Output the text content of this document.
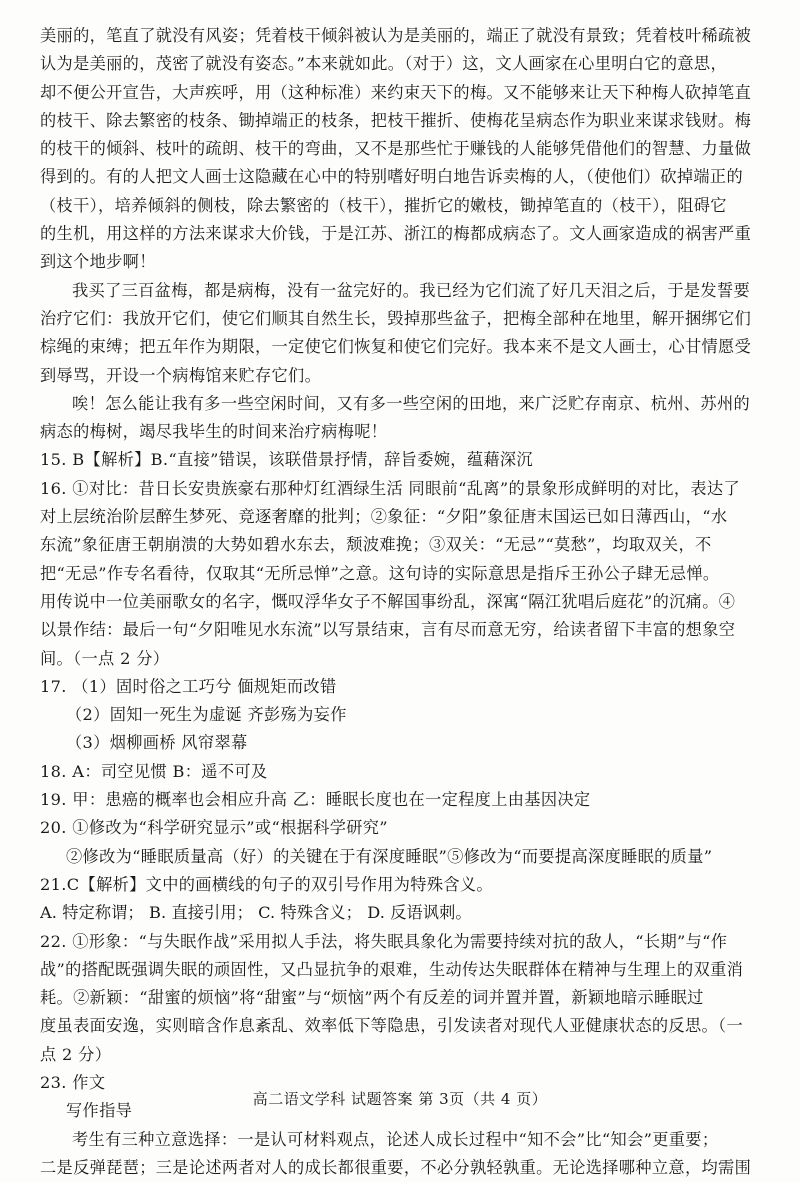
美丽的，笔直了就没有风姿；凭着枝干倾斜被认为是美丽的，端正了就没有景致；凭着枝叶稀疏被

认为是美丽的，茂密了就没有姿态。”本来就如此。（对于）这，文人画家在心里明白它的意思，

却不便公开宣告，大声疾呼，用（这种标准）来约束天下的梅。又不能够来让天下种梅人砍掉笔直

的枝干、除去繁密的枝条、锄掉端正的枝条，把枝干摧折、使梅花呈病态作为职业来谋求钱财。梅

的枝干的倾斜、枝叶的疏朗、枝干的弯曲，又不是那些忙于赚钱的人能够凭借他们的智慧、力量做

得到的。有的人把文人画士这隐藏在心中的特别嗜好明白地告诉卖梅的人，（使他们）砍掉端正的

（枝干），培养倾斜的侧枝，除去繁密的（枝干），摧折它的嫩枝，锄掉笔直的（枝干），阻碍它

的生机，用这样的方法来谋求大价钱，于是江苏、浙江的梅都成病态了。文人画家造成的祸害严重

到这个地步啊！

我买了三百盆梅，都是病梅，没有一盆完好的。我已经为它们流了好几天泪之后，于是发誓要

治疗它们：我放开它们，使它们顺其自然生长，毁掉那些盆子，把梅全部种在地里，解开捆绑它们

棕绳的束缚；把五年作为期限，一定使它们恢复和使它们完好。我本来不是文人画士，心甘情愿受

到辱骂，开设一个病梅馆来贮存它们。

唉！怎么能让我有多一些空闲时间，又有多一些空闲的田地，来广泛贮存南京、杭州、苏州的

病态的梅树，竭尽我毕生的时间来治疗病梅呢！

15. B【解析】B.“直接”错误，该联借景抒情，辞旨委婉，蕴藉深沉

16. ①对比：昔日长安贵族豪右那种灯红酒绿生活 同眼前“乱离”的景象形成鲜明的对比，表达了

对上层统治阶层醉生梦死、竞逐奢靡的批判；②象征：“夕阳”象征唐末国运已如日薄西山，“水

东流”象征唐王朝崩溃的大势如碧水东去，颓波难挽；③双关：“无忌”“莫愁”，均取双关，不

把“无忌”作专名看待，仅取其“无所忌惮”之意。这句诗的实际意思是指斥王孙公子肆无忌惮。

用传说中一位美丽歌女的名字，慨叹浮华女子不解国事纷乱，深寓“隔江犹唱后庭花”的沉痛。④

以景作结：最后一句“夕阳唯见水东流”以写景结束，言有尽而意无穷，给读者留下丰富的想象空

间。（一点 2 分）

17. （1）固时俗之工巧兮 偭规矩而改错

（2）固知一死生为虚诞 齐彭殇为妄作

（3）烟柳画桥 风帘翠幕

18. A：司空见惯 B：遥不可及

19. 甲：患癌的概率也会相应升高 乙：睡眠长度也在一定程度上由基因决定

20. ①修改为“科学研究显示”或“根据科学研究”

②修改为“睡眠质量高（好）的关键在于有深度睡眠”⑤修改为“而要提高深度睡眠的质量”

21.C【解析】文中的画横线的句子的双引号作用为特殊含义。

A. 特定称谓； B. 直接引用； C. 特殊含义； D. 反语讽刺。

22. ①形象：“与失眠作战”采用拟人手法，将失眠具象化为需要持续对抗的敌人，“长期”与“作

战”的搭配既强调失眠的顽固性，又凸显抗争的艰难，生动传达失眠群体在精神与生理上的双重消

耗。②新颖：“甜蜜的烦恼”将“甜蜜”与“烦恼”两个有反差的词并置并置，新颖地暗示睡眠过

度虽表面安逸，实则暗含作息紊乱、效率低下等隐患，引发读者对现代人亚健康状态的反思。（一

点 2 分）

23. 作文

写作指导

考生有三种立意选择：一是认可材料观点，论述人成长过程中“知不会”比“知会”更重要；

二是反弹琵琶；三是论述两者对人的成长都很重要，不必分孰轻孰重。无论选择哪种立意，均需围

高二语文学科 试题答案 第 3页（共 4 页）
